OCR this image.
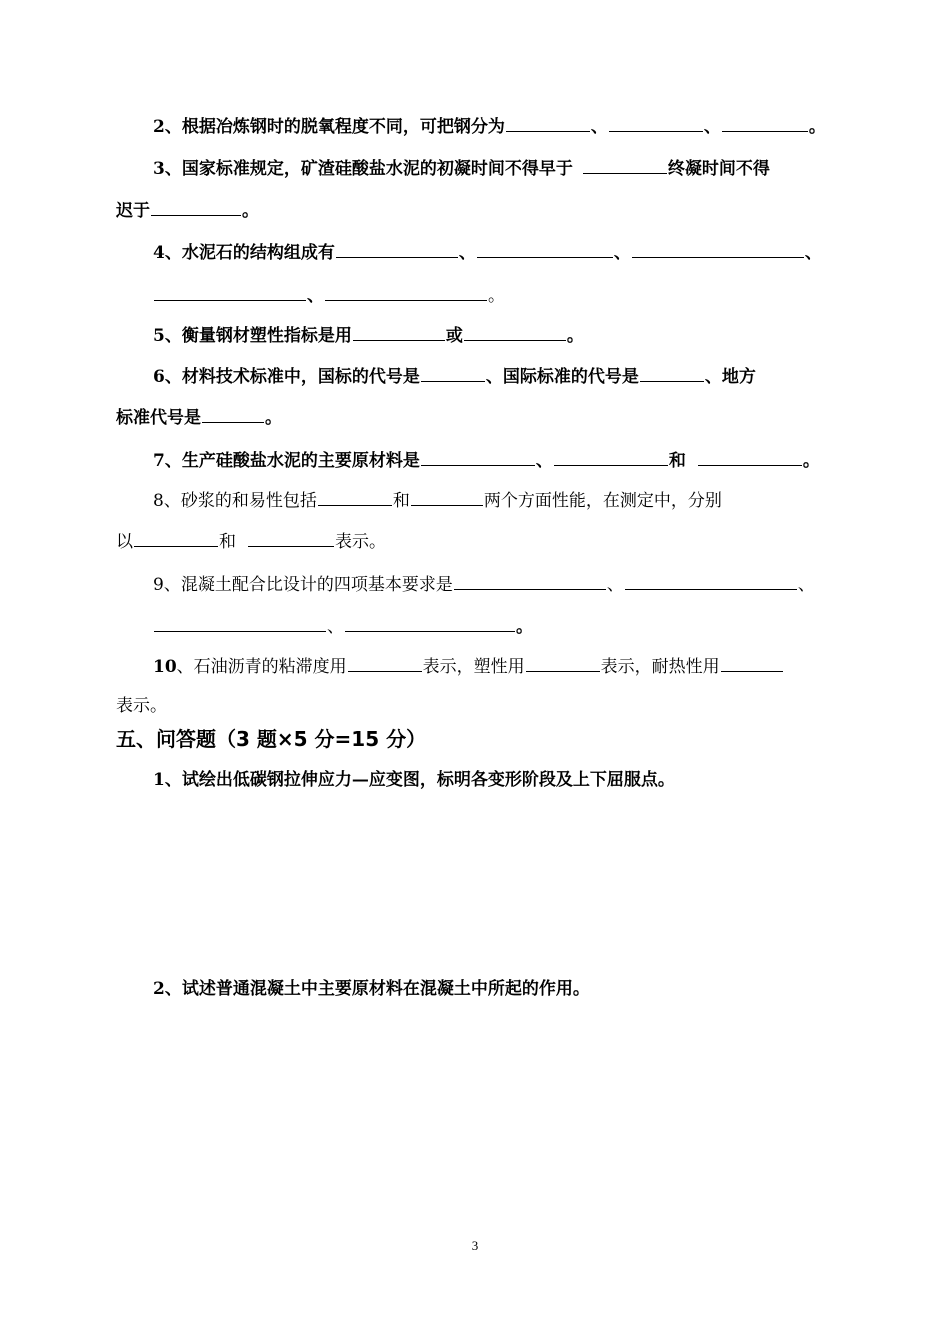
2、根据冶炼钢时的脱氧程度不同，可把钢分为	、	、	。
3、国家标准规定，矿渣硅酸盐水泥的初凝时间不得早于	终凝时间不得
迟于	。
4、水泥石的结构组成有	、	、	、
、	。
5、衡量钢材塑性指标是用	或	。
6、材料技术标准中，国标的代号是	、国际标准的代号是	、地方
标准代号是	。
7、生产硅酸盐水泥的主要原材料是	、	和	。
8、砂浆的和易性包括	和	两个方面性能，在测定中，分别
以	和	表示。
9、混凝土配合比设计的四项基本要求是	、	、
、	。
10、石油沥青的粘滞度用	表示，塑性用	表示，耐热性用
表示。
五、问答题（3 题×5 分=15 分）
1、试绘出低碳钢拉伸应力—应变图，标明各变形阶段及上下屈服点。
2、试述普通混凝土中主要原材料在混凝土中所起的作用。
3
